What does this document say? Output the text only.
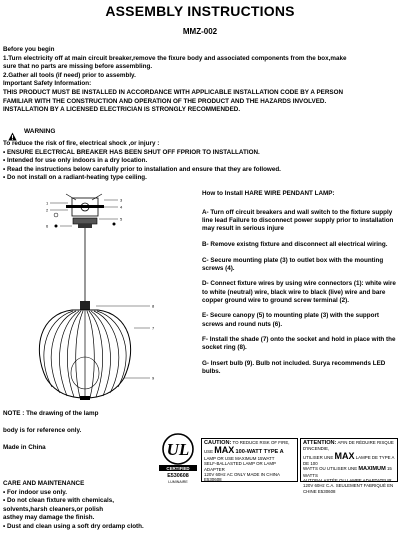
ASSEMBLY INSTRUCTIONS
MMZ-002
Before you begin
1.Turn electricity off at main circuit breaker,remove the fixure body and associated components from the box,make
sure that no parts are missing before assembling.
2.Gather all tools (if need) prior to assembly.
Important Safety Information:
THIS PRODUCT MUST BE INSTALLED IN ACCORDANCE WITH APPLICABLE INSTALLATION CODE BY A PERSON
FAMILIAR WITH THE CONSTRUCTION AND OPERATION OF THE PRODUCT AND THE HAZARDS INVOLVED.
INSTALLATION BY A LICENSED ELECTRICIAN IS STRONGLY RECOMMENDED.
WARNING
To reduce the risk of fire, electrical shock ,or injury :
• ENSURE ELECTRICAL BREAKER HAS BEEN SHUT OFF FPRIOR TO INSTALLATION.
• Intended for use only indoors in a dry location.
• Read the instructions below carefully prior to installation and ensure that they are followed.
• Do not install on a radiant-heating type ceiling.
1
2
3
4
5
6
7
8
9
How to Install HARE WIRE PENDANT LAMP:

A- Turn off circuit breakers and wall switch to the fixture supply line lead Failure to disconnect power supply prior to installation may result in serious injure

B- Remove existng fixture and disconnect all electrical wiring.

C- Secure mounting plate (3) to outlet box with the mounting screws (4).

D- Connect fixture wires by using wire connectors (1): white wire to white (neutral) wire, black wire to black (live) wire and bare copper ground wire to ground screw terminal (2).

E- Secure canopy (5) to mounting plate (3) with the support screws and round nuts (6).

F- Install the shade (7) onto the socket and hold in place with the socket ring (8).

G- Insert bulb (9). Bulb not included. Surya recommends LED bulbs.

NOTE : The drawing of the lamp
body is for reference only.
Made in China
CARE AND MAINTENANCE
• For indoor use only.
• Do not clean fixture with chemicals,
solvents,harsh cleaners,or polish
asthey may damage the finish.
• Dust and clean using a soft dry ordamp cloth.
UL
CERTIFIED
E530608
LUMINAIRE
CAUTION: TO REDUCE RISK OF FIRE,
USE MAX 100-WATT TYPE A
LAMP OR USE MAXIMUM 15WATT
SELF-BALLASTED LAMP OR LAMP ADAPTER
120V 60Hz AC ONLY MADE IN CHINA E530608
ATTENTION: AFIN DE RÉDUIRE RISQUE D'INCENDIE,
UTILISER UNE MAX LAMPE DE TYPE A DE 100
WATTS OU UTILISER UNE MAXIMUM 15 WATTS
AUTOBALASTÉE OU LAMPE ADAPTATEUR.
120V 60Hz C.A. SEULEMENT FABRIQUÉ EN CHINE E530608
